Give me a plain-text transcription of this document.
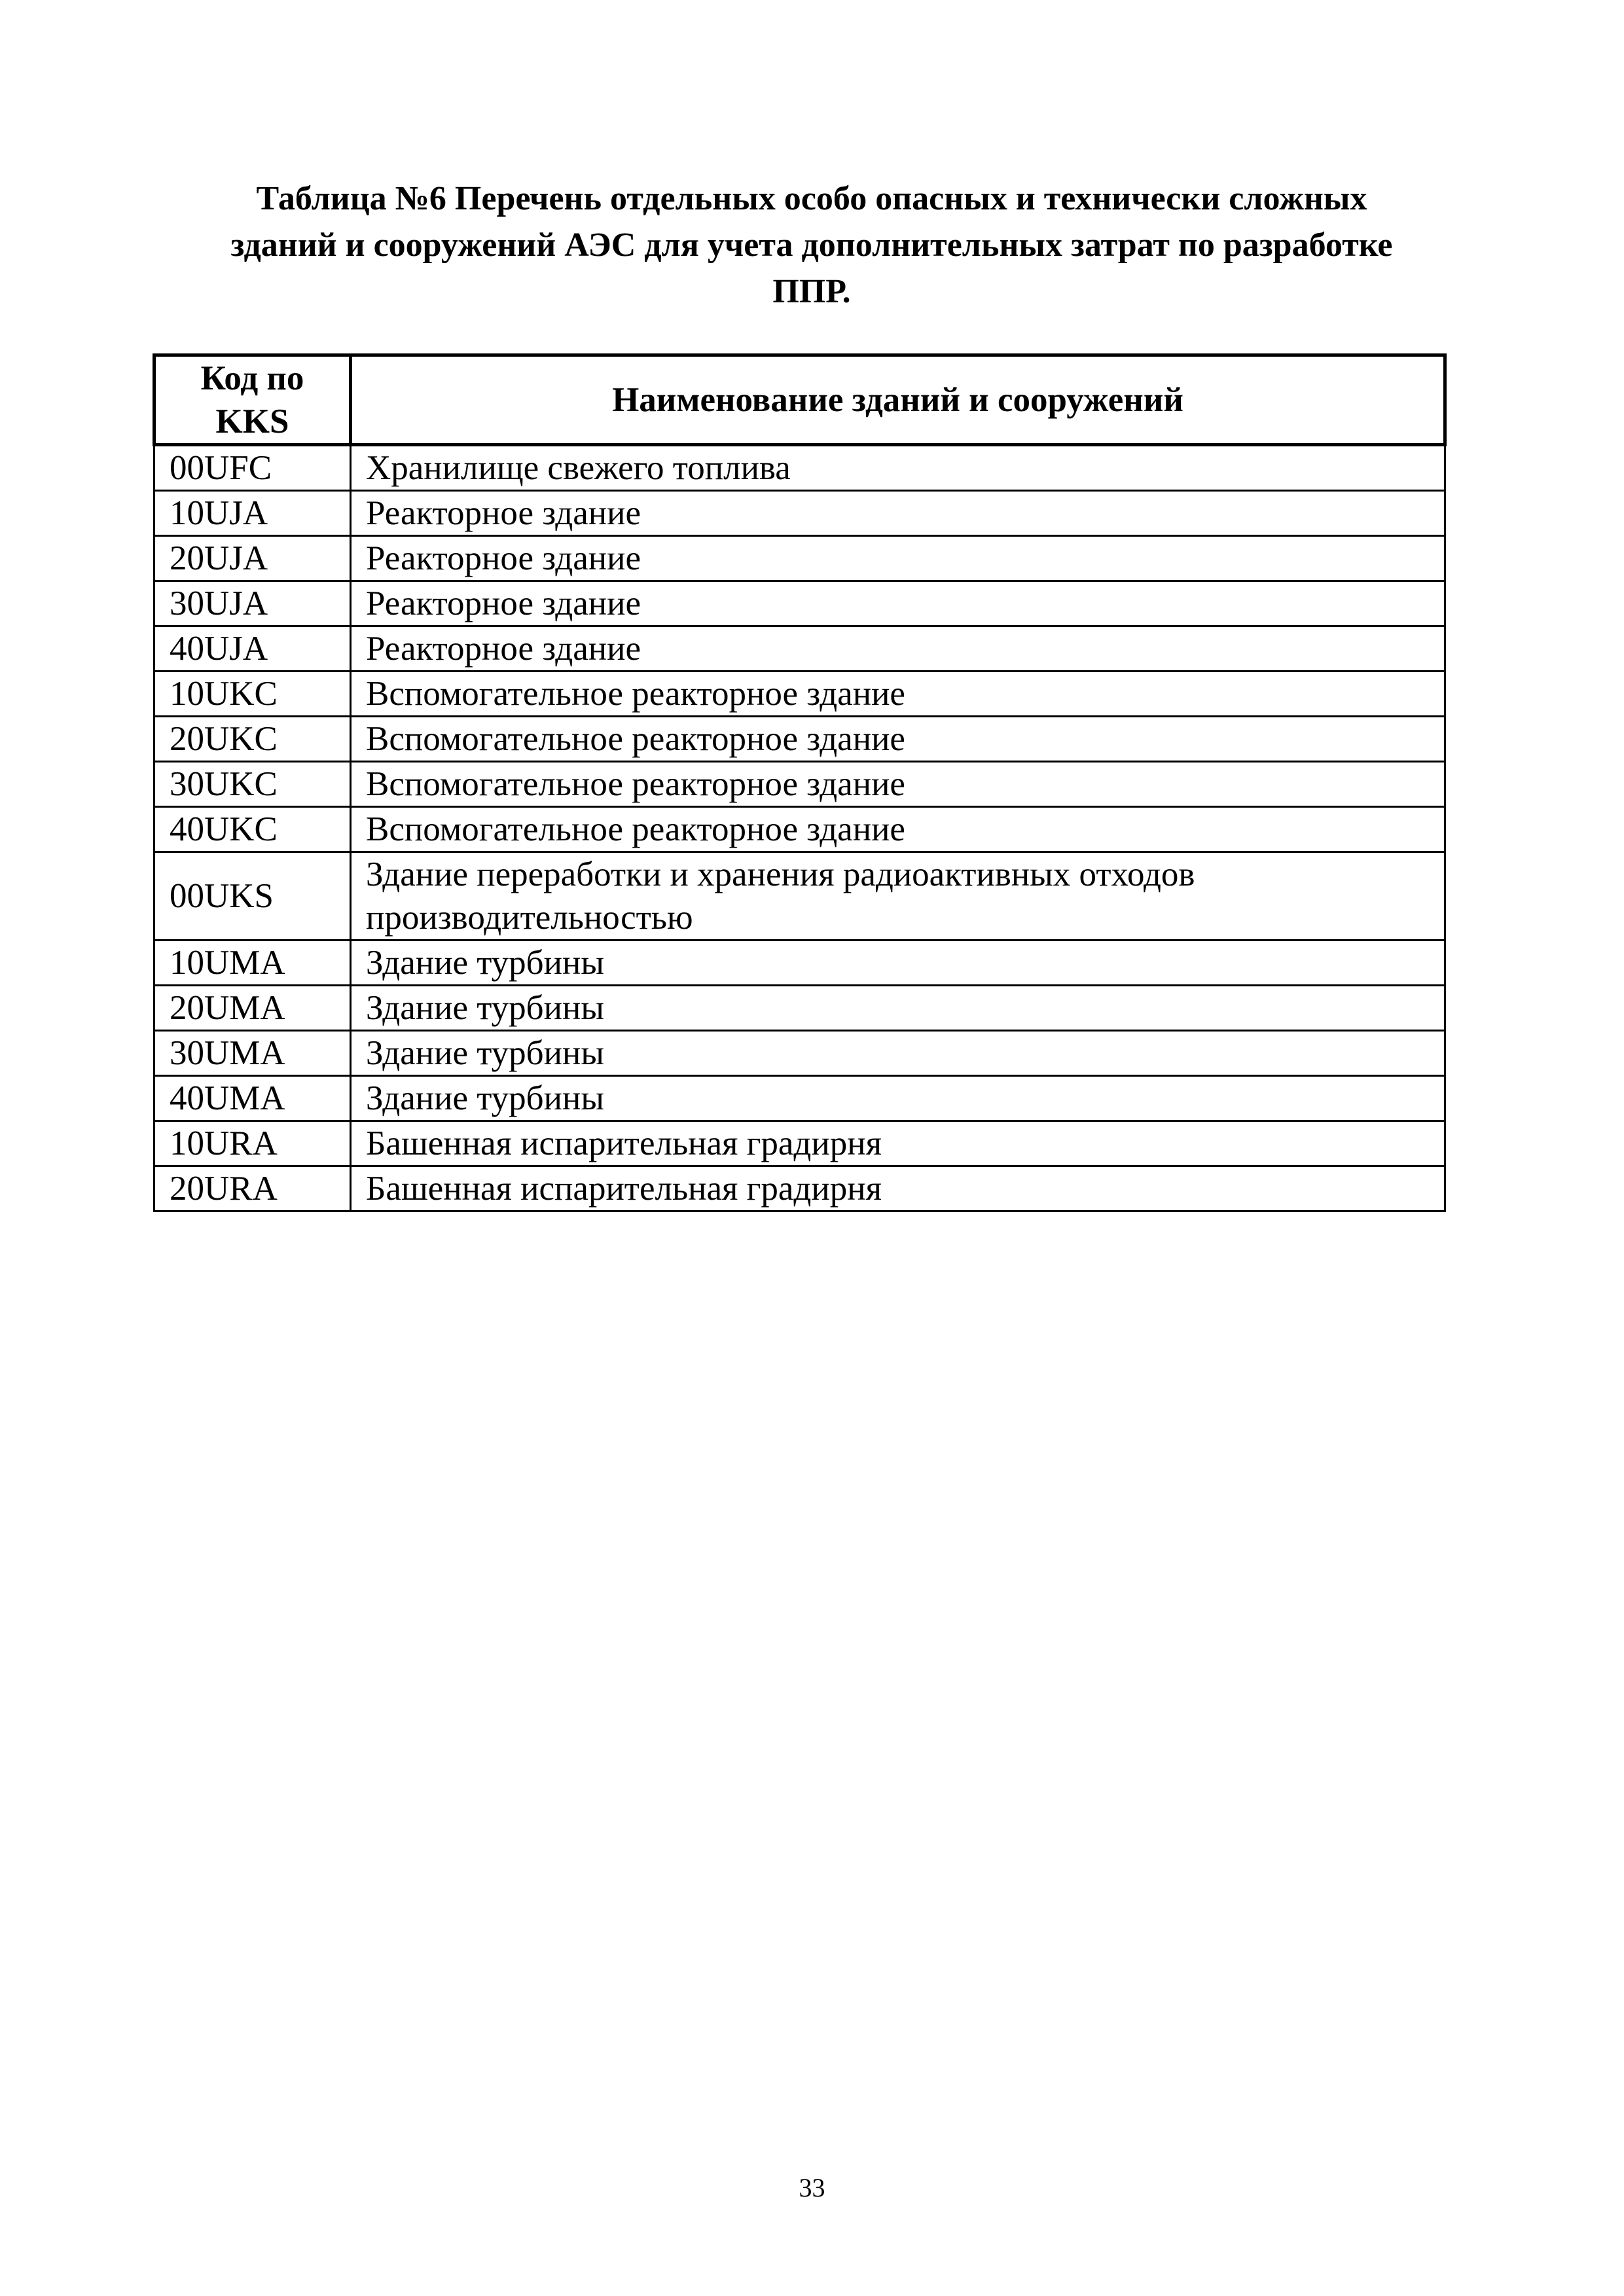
Таблица №6 Перечень отдельных особо опасных и технически сложных
зданий и сооружений АЭС для учета дополнительных затрат по разработке
ППР.
Код по
KKS	Наименование зданий и сооружений
00UFC	Хранилище свежего топлива
10UJA	Реакторное здание
20UJA	Реакторное здание
30UJA	Реакторное здание
40UJA	Реакторное здание
10UKC	Вспомогательное реакторное здание
20UKC	Вспомогательное реакторное здание
30UKC	Вспомогательное реакторное здание
40UKC	Вспомогательное реакторное здание
00UKS	Здание переработки и хранения радиоактивных отходов
производительностью
10UMA	Здание турбины
20UMA	Здание турбины
30UMA	Здание турбины
40UMA	Здание турбины
10URA	Башенная испарительная градирня
20URA	Башенная испарительная градирня
33
